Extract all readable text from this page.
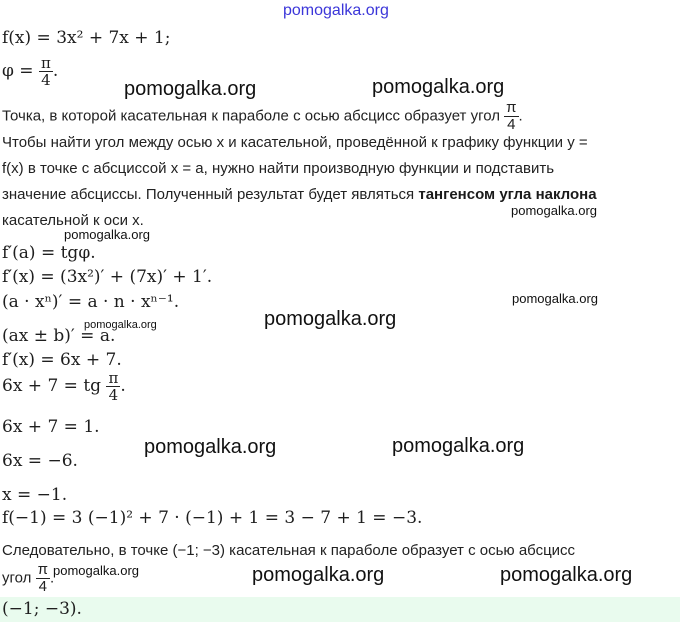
pomogalka.org
f(x) = 3x² + 7x + 1;
$\varphi = \frac{\pi}{4}$ .
Точка, в которой касательная к параболе с осью абсцисс образует угол $\frac{\pi}{4}$ .
Чтобы найти угол между осью x и касательной, проведённой к графику функции y =
f(x) в точке с абсциссой x = a, нужно найти производную функции и подставить
значение абсциссы. Полученный результат будет являться тангенсом угла наклона
касательной к оси x.
f′(a) = tgφ.
f′(x) = (3x²)′ + (7x)′ + 1′.
(a · xⁿ)′ = a · n · xⁿ⁻¹.
(ax ± b)′ = a.
f′(x) = 6x + 7.
6x + 7 = tg $\frac{\pi}{4}$ .
6x + 7 = 1.
6x = −6.
x = −1.
f(−1) = 3 (−1)² + 7 · (−1) + 1 = 3 − 7 + 1 = −3.
Следовательно, в точке (−1; −3) касательная к параболе образует с осью абсцисс
угол $\frac{\pi}{4}$ .
(−1; −3).
pomogalka.org	pomogalka.org
pomogalka.org
pomogalka.org
pomogalka.org
pomogalka.org	pomogalka.org
pomogalka.org	pomogalka.org
pomogalka.org	pomogalka.org	pomogalka.org
